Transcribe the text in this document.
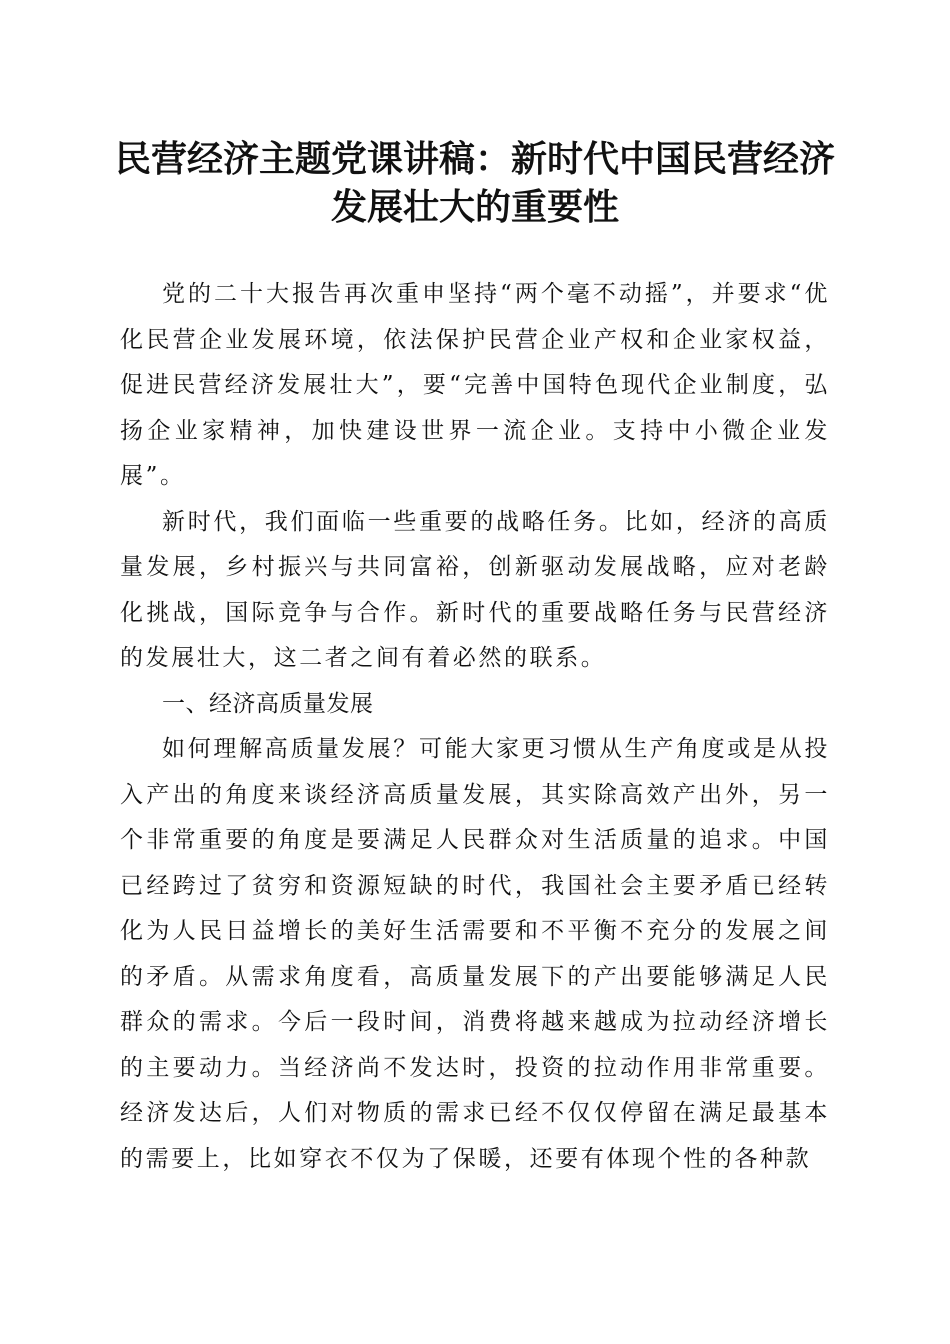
民营经济主题党课讲稿：新时代中国民营经济
发展壮大的重要性

党的二十大报告再次重申坚持“两个毫不动摇”，并要求“优化民营企业发展环境，依法保护民营企业产权和企业家权益，促进民营经济发展壮大”，要“完善中国特色现代企业制度，弘扬企业家精神，加快建设世界一流企业。支持中小微企业发展”。

新时代，我们面临一些重要的战略任务。比如，经济的高质量发展，乡村振兴与共同富裕，创新驱动发展战略，应对老龄化挑战，国际竞争与合作。新时代的重要战略任务与民营经济的发展壮大，这二者之间有着必然的联系。

一、经济高质量发展

如何理解高质量发展？可能大家更习惯从生产角度或是从投入产出的角度来谈经济高质量发展，其实除高效产出外，另一个非常重要的角度是要满足人民群众对生活质量的追求。中国已经跨过了贫穷和资源短缺的时代，我国社会主要矛盾已经转化为人民日益增长的美好生活需要和不平衡不充分的发展之间的矛盾。从需求角度看，高质量发展下的产出要能够满足人民群众的需求。今后一段时间，消费将越来越成为拉动经济增长的主要动力。当经济尚不发达时，投资的拉动作用非常重要。经济发达后，人们对物质的需求已经不仅仅停留在满足最基本的需要上，比如穿衣不仅为了保暖，还要有体现个性的各种款
